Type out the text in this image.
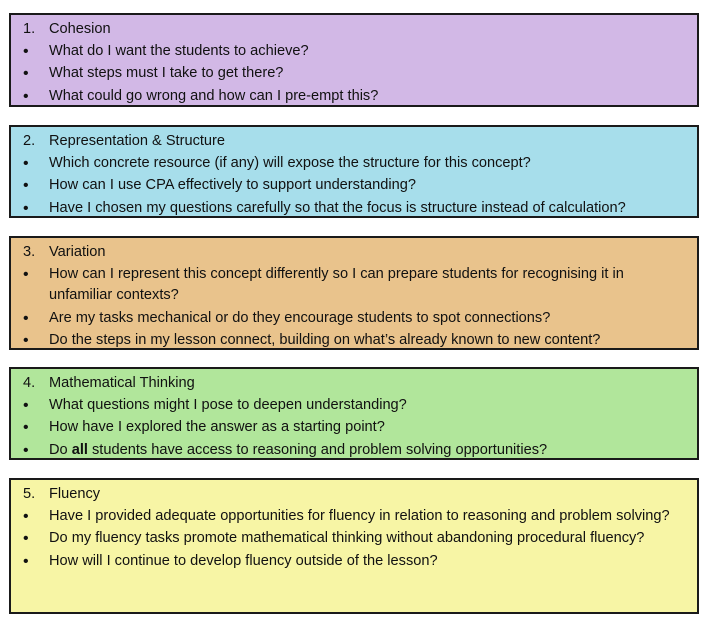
1. Cohesion
• What do I want the students to achieve?
• What steps must I take to get there?
• What could go wrong and how can I pre-empt this?
2. Representation & Structure
• Which concrete resource (if any) will expose the structure for this concept?
• How can I use CPA effectively to support understanding?
• Have I chosen my questions carefully so that the focus is structure instead of calculation?
3. Variation
• How can I represent this concept differently so I can prepare students for recognising it in unfamiliar contexts?
• Are my tasks mechanical or do they encourage students to spot connections?
• Do the steps in my lesson connect, building on what’s already known to new content?
4. Mathematical Thinking
• What questions might I pose to deepen understanding?
• How have I explored the answer as a starting point?
• Do all students have access to reasoning and problem solving opportunities?
5. Fluency
• Have I provided adequate opportunities for fluency in relation to reasoning and problem solving?
• Do my fluency tasks promote mathematical thinking without abandoning procedural fluency?
• How will I continue to develop fluency outside of the lesson?
